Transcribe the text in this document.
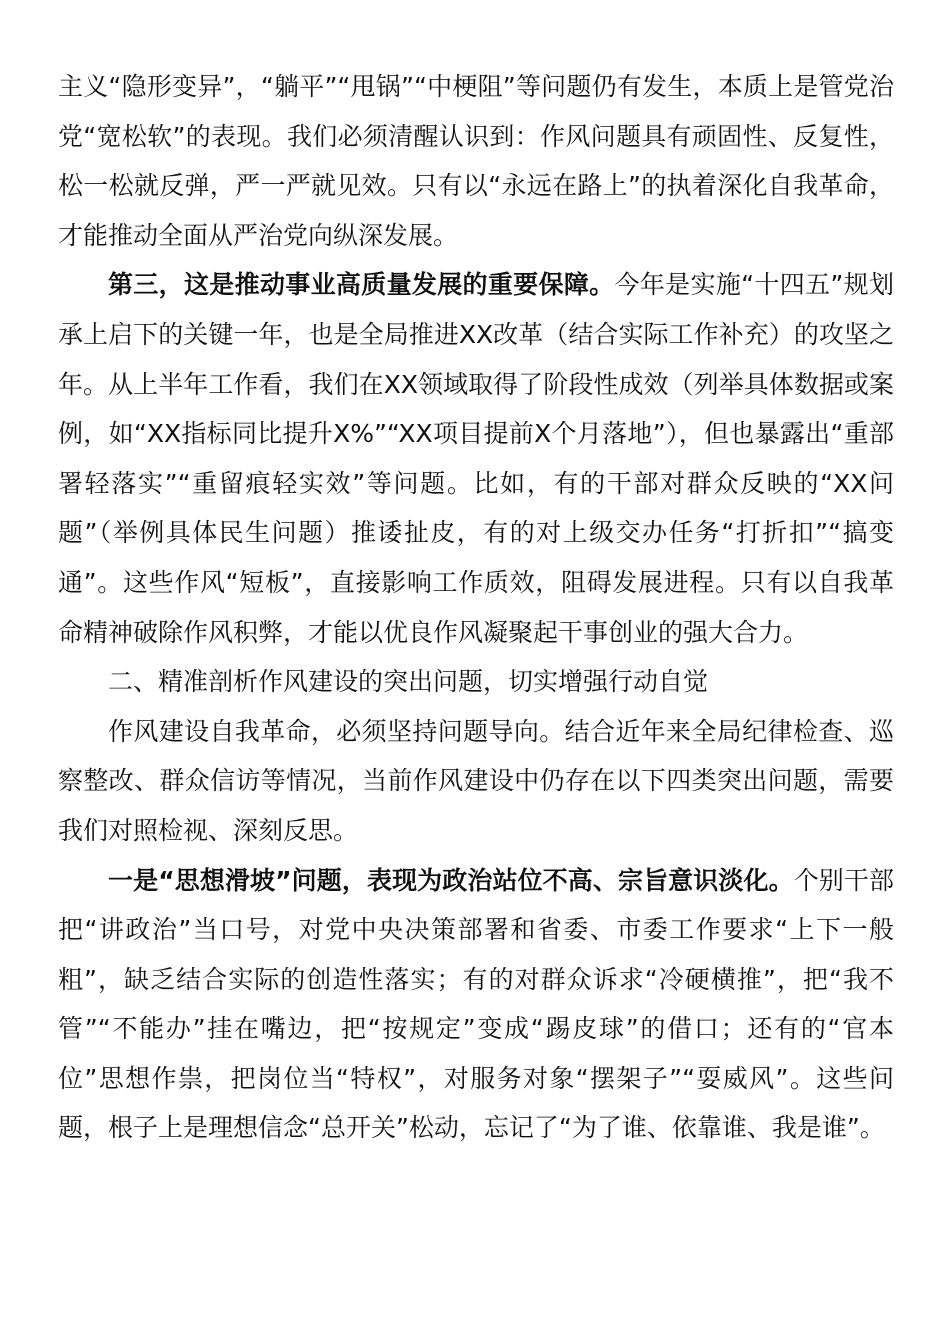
主义“隐形变异”，“躺平”“甩锅”“中梗阻”等问题仍有发生，本质上是管党治党“宽松软”的表现。我们必须清醒认识到：作风问题具有顽固性、反复性，松一松就反弹，严一严就见效。只有以“永远在路上”的执着深化自我革命，才能推动全面从严治党向纵深发展。

第三，这是推动事业高质量发展的重要保障。今年是实施“十四五”规划承上启下的关键一年，也是全局推进XX改革（结合实际工作补充）的攻坚之年。从上半年工作看，我们在XX领域取得了阶段性成效（列举具体数据或案例，如“XX指标同比提升X%”“XX项目提前X个月落地”），但也暴露出“重部署轻落实”“重留痕轻实效”等问题。比如，有的干部对群众反映的“XX问题”（举例具体民生问题）推诿扯皮，有的对上级交办任务“打折扣”“搞变通”。这些作风“短板”，直接影响工作质效，阻碍发展进程。只有以自我革命精神破除作风积弊，才能以优良作风凝聚起干事创业的强大合力。

二、精准剖析作风建设的突出问题，切实增强行动自觉

作风建设自我革命，必须坚持问题导向。结合近年来全局纪律检查、巡察整改、群众信访等情况，当前作风建设中仍存在以下四类突出问题，需要我们对照检视、深刻反思。

一是“思想滑坡”问题，表现为政治站位不高、宗旨意识淡化。个别干部把“讲政治”当口号，对党中央决策部署和省委、市委工作要求“上下一般粗”，缺乏结合实际的创造性落实；有的对群众诉求“冷硬横推”，把“我不管”“不能办”挂在嘴边，把“按规定”变成“踢皮球”的借口；还有的“官本位”思想作祟，把岗位当“特权”，对服务对象“摆架子”“耍威风”。这些问题，根子上是理想信念“总开关”松动，忘记了“为了谁、依靠谁、我是谁”。
